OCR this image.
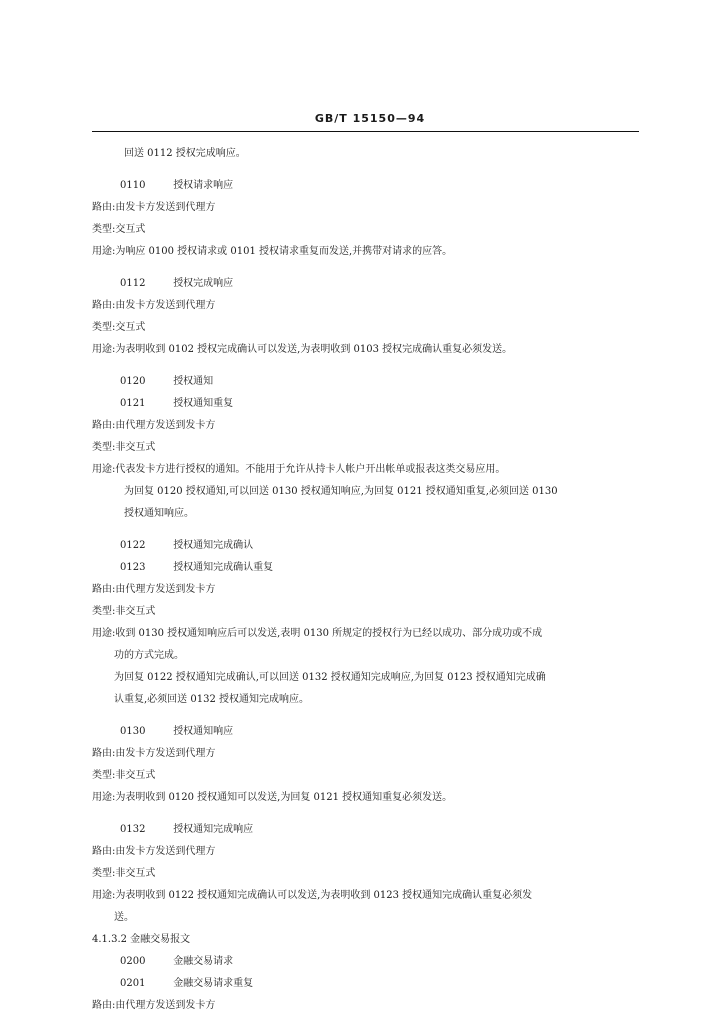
GB/T 15150—94
回送 0112 授权完成响应。
0110	授权请求响应
路由:由发卡方发送到代理方
类型:交互式
用途:为响应 0100 授权请求或 0101 授权请求重复而发送,并携带对请求的应答。
0112	授权完成响应
路由:由发卡方发送到代理方
类型:交互式
用途:为表明收到 0102 授权完成确认可以发送,为表明收到 0103 授权完成确认重复必须发送。
0120	授权通知
0121	授权通知重复
路由:由代理方发送到发卡方
类型:非交互式
用途:代表发卡方进行授权的通知。不能用于允许从持卡人帐户开出帐单或报表这类交易应用。
为回复 0120 授权通知,可以回送 0130 授权通知响应,为回复 0121 授权通知重复,必须回送 0130
授权通知响应。
0122	授权通知完成确认
0123	授权通知完成确认重复
路由:由代理方发送到发卡方
类型:非交互式
用途:收到 0130 授权通知响应后可以发送,表明 0130 所规定的授权行为已经以成功、部分成功或不成
功的方式完成。
为回复 0122 授权通知完成确认,可以回送 0132 授权通知完成响应,为回复 0123 授权通知完成确
认重复,必须回送 0132 授权通知完成响应。
0130	授权通知响应
路由:由发卡方发送到代理方
类型:非交互式
用途:为表明收到 0120 授权通知可以发送,为回复 0121 授权通知重复必须发送。
0132	授权通知完成响应
路由:由发卡方发送到代理方
类型:非交互式
用途:为表明收到 0122 授权通知完成确认可以发送,为表明收到 0123 授权通知完成确认重复必须发
送。
4.1.3.2 金融交易报文
0200	金融交易请求
0201	金融交易请求重复
路由:由代理方发送到发卡方
